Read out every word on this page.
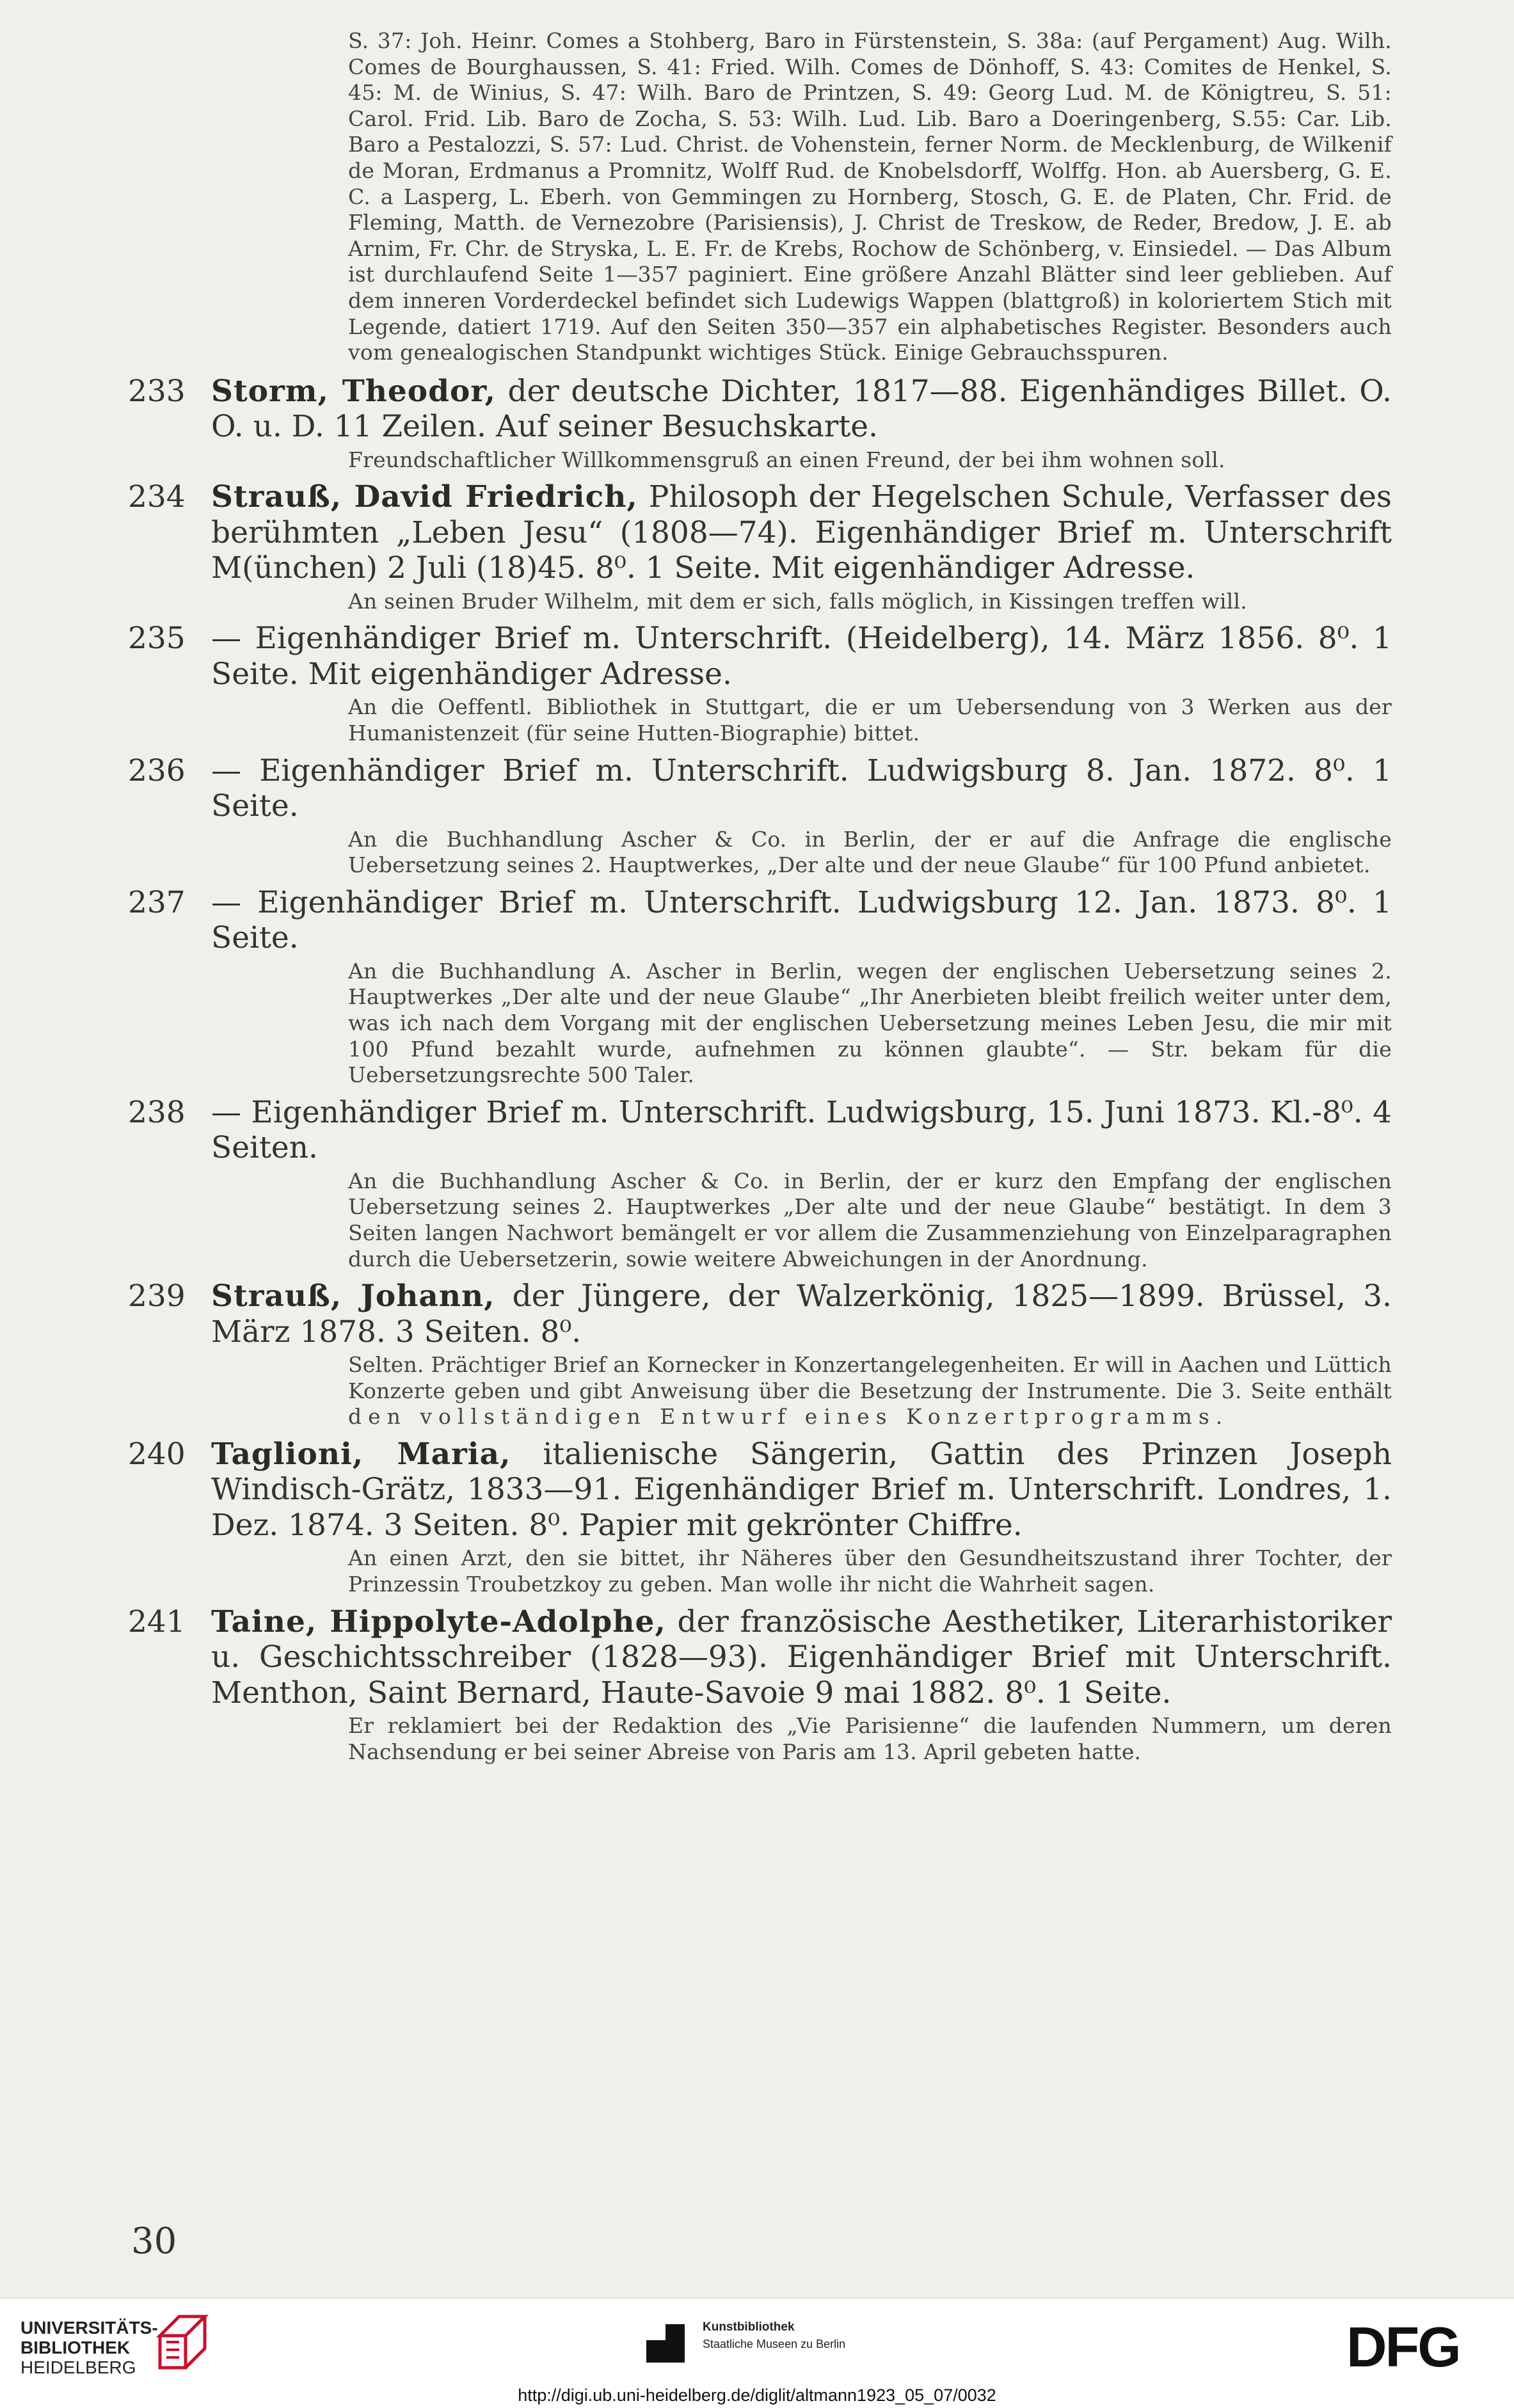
S. 37: Joh. Heinr. Comes a Stohberg, Baro in Fürstenstein, S. 38a: (auf Pergament) Aug. Wilh. Comes de Bourghaussen, S. 41: Fried. Wilh. Comes de Dönhoff, S. 43: Comites de Henkel, S. 45: M. de Winius, S. 47: Wilh. Baro de Printzen, S. 49: Georg Lud. M. de Königtreu, S. 51: Carol. Frid. Lib. Baro de Zocha, S. 53: Wilh. Lud. Lib. Baro a Doeringenberg, S.55: Car. Lib. Baro a Pestalozzi, S. 57: Lud. Christ. de Vohenstein, ferner Norm. de Mecklenburg, de Wilkenif de Moran, Erdmanus a Promnitz, Wolff Rud. de Knobelsdorff, Wolffg. Hon. ab Auersberg, G. E. C. a Lasperg, L. Eberh. von Gemmingen zu Hornberg, Stosch, G. E. de Platen, Chr. Frid. de Fleming, Matth. de Vernezobre (Parisiensis), J. Christ de Treskow, de Reder, Bredow, J. E. ab Arnim, Fr. Chr. de Stryska, L. E. Fr. de Krebs, Rochow de Schönberg, v. Einsiedel. — Das Album ist durchlaufend Seite 1—357 paginiert. Eine größere Anzahl Blätter sind leer geblieben. Auf dem inneren Vorderdeckel befindet sich Ludewigs Wappen (blattgroß) in koloriertem Stich mit Legende, datiert 1719. Auf den Seiten 350—357 ein alphabetisches Register. Besonders auch vom genealogischen Standpunkt wichtiges Stück. Einige Gebrauchsspuren.
233 Storm, Theodor, der deutsche Dichter, 1817—88. Eigenhändiges Billet. O. O. u. D. 11 Zeilen. Auf seiner Besuchskarte.
Freundschaftlicher Willkommensgruß an einen Freund, der bei ihm wohnen soll.
234 Strauß, David Friedrich, Philosoph der Hegelschen Schule, Verfasser des berühmten „Leben Jesu“ (1808—74). Eigenhändiger Brief m. Unterschrift M(ünchen) 2 Juli (18)45. 8⁰. 1 Seite. Mit eigenhändiger Adresse.
An seinen Bruder Wilhelm, mit dem er sich, falls möglich, in Kissingen treffen will.
235 — Eigenhändiger Brief m. Unterschrift. (Heidelberg), 14. März 1856. 8⁰. 1 Seite. Mit eigenhändiger Adresse.
An die Oeffentl. Bibliothek in Stuttgart, die er um Uebersendung von 3 Werken aus der Humanistenzeit (für seine Hutten-Biographie) bittet.
236 — Eigenhändiger Brief m. Unterschrift. Ludwigsburg 8. Jan. 1872. 8⁰. 1 Seite.
An die Buchhandlung Ascher & Co. in Berlin, der er auf die Anfrage die englische Uebersetzung seines 2. Hauptwerkes, „Der alte und der neue Glaube“ für 100 Pfund anbietet.
237 — Eigenhändiger Brief m. Unterschrift. Ludwigsburg 12. Jan. 1873. 8⁰. 1 Seite.
An die Buchhandlung A. Ascher in Berlin, wegen der englischen Uebersetzung seines 2. Hauptwerkes „Der alte und der neue Glaube“ „Ihr Anerbieten bleibt freilich weiter unter dem, was ich nach dem Vorgang mit der englischen Uebersetzung meines Leben Jesu, die mir mit 100 Pfund bezahlt wurde, aufnehmen zu können glaubte“. — Str. bekam für die Uebersetzungsrechte 500 Taler.
238 — Eigenhändiger Brief m. Unterschrift. Ludwigsburg, 15. Juni 1873. Kl.-8⁰. 4 Seiten.
An die Buchhandlung Ascher & Co. in Berlin, der er kurz den Empfang der englischen Uebersetzung seines 2. Hauptwerkes „Der alte und der neue Glaube“ bestätigt. In dem 3 Seiten langen Nachwort bemängelt er vor allem die Zusammenziehung von Einzelparagraphen durch die Uebersetzerin, sowie weitere Abweichungen in der Anordnung.
239 Strauß, Johann, der Jüngere, der Walzerkönig, 1825—1899. Brüssel, 3. März 1878. 3 Seiten. 8⁰.
Selten. Prächtiger Brief an Kornecker in Konzertangelegenheiten. Er will in Aachen und Lüttich Konzerte geben und gibt Anweisung über die Besetzung der Instrumente. Die 3. Seite enthält den vollständigen Entwurf eines Konzertprogramms.
240 Taglioni, Maria, italienische Sängerin, Gattin des Prinzen Joseph Windisch-Grätz, 1833—91. Eigenhändiger Brief m. Unterschrift. Londres, 1. Dez. 1874. 3 Seiten. 8⁰. Papier mit gekrönter Chiffre.
An einen Arzt, den sie bittet, ihr Näheres über den Gesundheitszustand ihrer Tochter, der Prinzessin Troubetzkoy zu geben. Man wolle ihr nicht die Wahrheit sagen.
241 Taine, Hippolyte-Adolphe, der französische Aesthetiker, Literarhistoriker u. Geschichtsschreiber (1828—93). Eigenhändiger Brief mit Unterschrift. Menthon, Saint Bernard, Haute-Savoie 9 mai 1882. 8⁰. 1 Seite.
Er reklamiert bei der Redaktion des „Vie Parisienne“ die laufenden Nummern, um deren Nachsendung er bei seiner Abreise von Paris am 13. April gebeten hatte.
30
UNIVERSITÄTS-
BIBLIOTHEK
HEIDELBERG
Kunstbibliothek
Staatliche Museen zu Berlin	DFG
http://digi.ub.uni-heidelberg.de/diglit/altmann1923_05_07/0032
